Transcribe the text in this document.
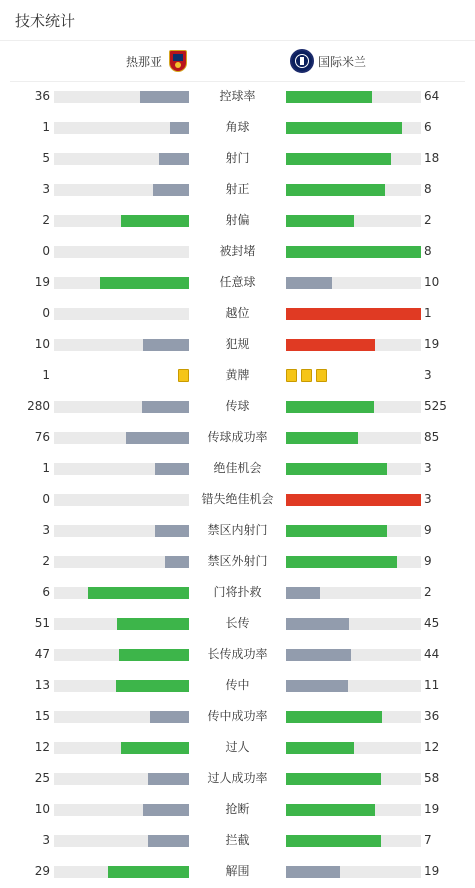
技术统计
热那亚	国际米兰
36	控球率	64
1	角球	6
5	射门	18
3	射正	8
2	射偏	2
0	被封堵	8
19	任意球	10
0	越位	1
10	犯规	19
1	黄牌	3
280	传球	525
76	传球成功率	85
1	绝佳机会	3
0	错失绝佳机会	3
3	禁区内射门	9
2	禁区外射门	9
6	门将扑救	2
51	长传	45
47	长传成功率	44
13	传中	11
15	传中成功率	36
12	过人	12
25	过人成功率	58
10	抢断	19
3	拦截	7
29	解围	19
